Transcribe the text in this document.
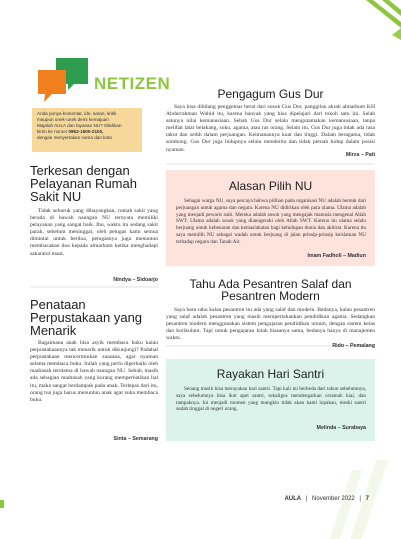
NETIZEN
Anda punya komentar, ide, saran, kritik
maupun unek-unek demi kemajuan
Majalah AULA dan layanan NU? Silahkan
kirim ke nomor 0852-1600-2100,
dengan menyertakan nama dan kota
Terkesan dengan Pelayanan Rumah Sakit NU
Tidak seburuk yang dibayangkan, rumah sakit yang berada di bawah naungan NU ternyata memiliki pelayanan yang sangat baik. Ibu, waktu itu sedang sakit parah, sebelum meninggal, oleh petugas kami semua dimintai untuk berdoa, petugasnya juga menuntun membacakan doa kepada almarhum ketika menghadapi sakaratul maut.
Nindya – Sidoarjo
Penataan Perpustakaan yang Menarik
Bagaimana anak bisa asyik membaca buku kalau perpustakaannya tak menarik untuk dikunjungi? Padahal perpustakaan mencerminkan suasana, agar nyaman selama membaca buku. Inilah yang perlu diperbaiki oleh madrasah terutama di bawah naungan NU. Sebab, masih ada sebagian madrasah yang kurang memperhatikan hal itu, maka sangat berdampak pada anak. Terlepas dari itu, orang tua juga harus menuntun anak agar suka membaca buku.
Sinta – Semarang
Pengagum Gus Dur
Saya bisa dibilang penggemar berat dari sosok Gus Dur, panggilan akrab almarhum KH Abdurrahman Wahid itu, karena banyak yang bisa dipelajari dari tokoh satu ini. Salah satunya nilai kemanusiaan. Sebab Gus Dur selalu mengutamakan kemanusiaan, tanpa melihat latar belakang, suku, agama, atau ras orang. Selain itu, Gus Dur juga tidak ada rasa takut dan sedih dalam perjuangan. Keimanannya kuat dan tinggi. Dalam beragama, tidak sombong. Gus Dur juga hidupnya selalu menderita dan tidak pernah hidup dalam posisi nyaman.
Mirza – Pati
Alasan Pilih NU
Sebagai warga NU, saya percaya bahwa pilihan pada organisasi NU adalah bentuk dari perjuangan untuk agama dan negara. Karena NU didirikan oleh para ulama. Ulama adalah yang menjadi pewaris nabi. Mereka adalah sosok yang mengajak manusia mengenal Allah SWT. Ulama adalah sosok yang dianugerahi oleh Allah SWT. Karena itu ulama selalu berjuang untuk kebenaran dan kemaslahatan bagi kehidupan dunia dan akhirat. Karena itu saya memilih NU sebagai wadah untuk berjuang di jalan prinsip-prinsip keislaman NU terhadap negara dan Tanah Air.
Imam Fadholi – Madiun
Tahu Ada Pesantren Salaf dan Pesantren Modern
Saya baru tahu kalau pesantren itu ada yang salaf dan modern. Bedanya, kalau pesantren yang salaf adalah pesantren yang masih mempertahankan pendidikan agama. Sedangkan pesantren modern menggunakan sistem pengajaran pendidikan umum, dengan sistem kelas dan kurikulum. Tapi untuk pengajaran kitab biasanya sama, bedanya hanya di manajemen waktu.
Rido – Pemalang
Rayakan Hari Santri
Senang masih bisa merayakan hari santri. Tapi kali ini berbeda dari tahun sebelumnya, saya sebelumnya bisa ikut apel santri, sekaligus mendengarkan ceramah kiai, dan tampaknya. Ini menjadi momen yang mungkin tidak akan kami lupakan, meski santri sudah tinggal di negeri orang.
Melinda – Surabaya
AULA | November 2022 | 7
